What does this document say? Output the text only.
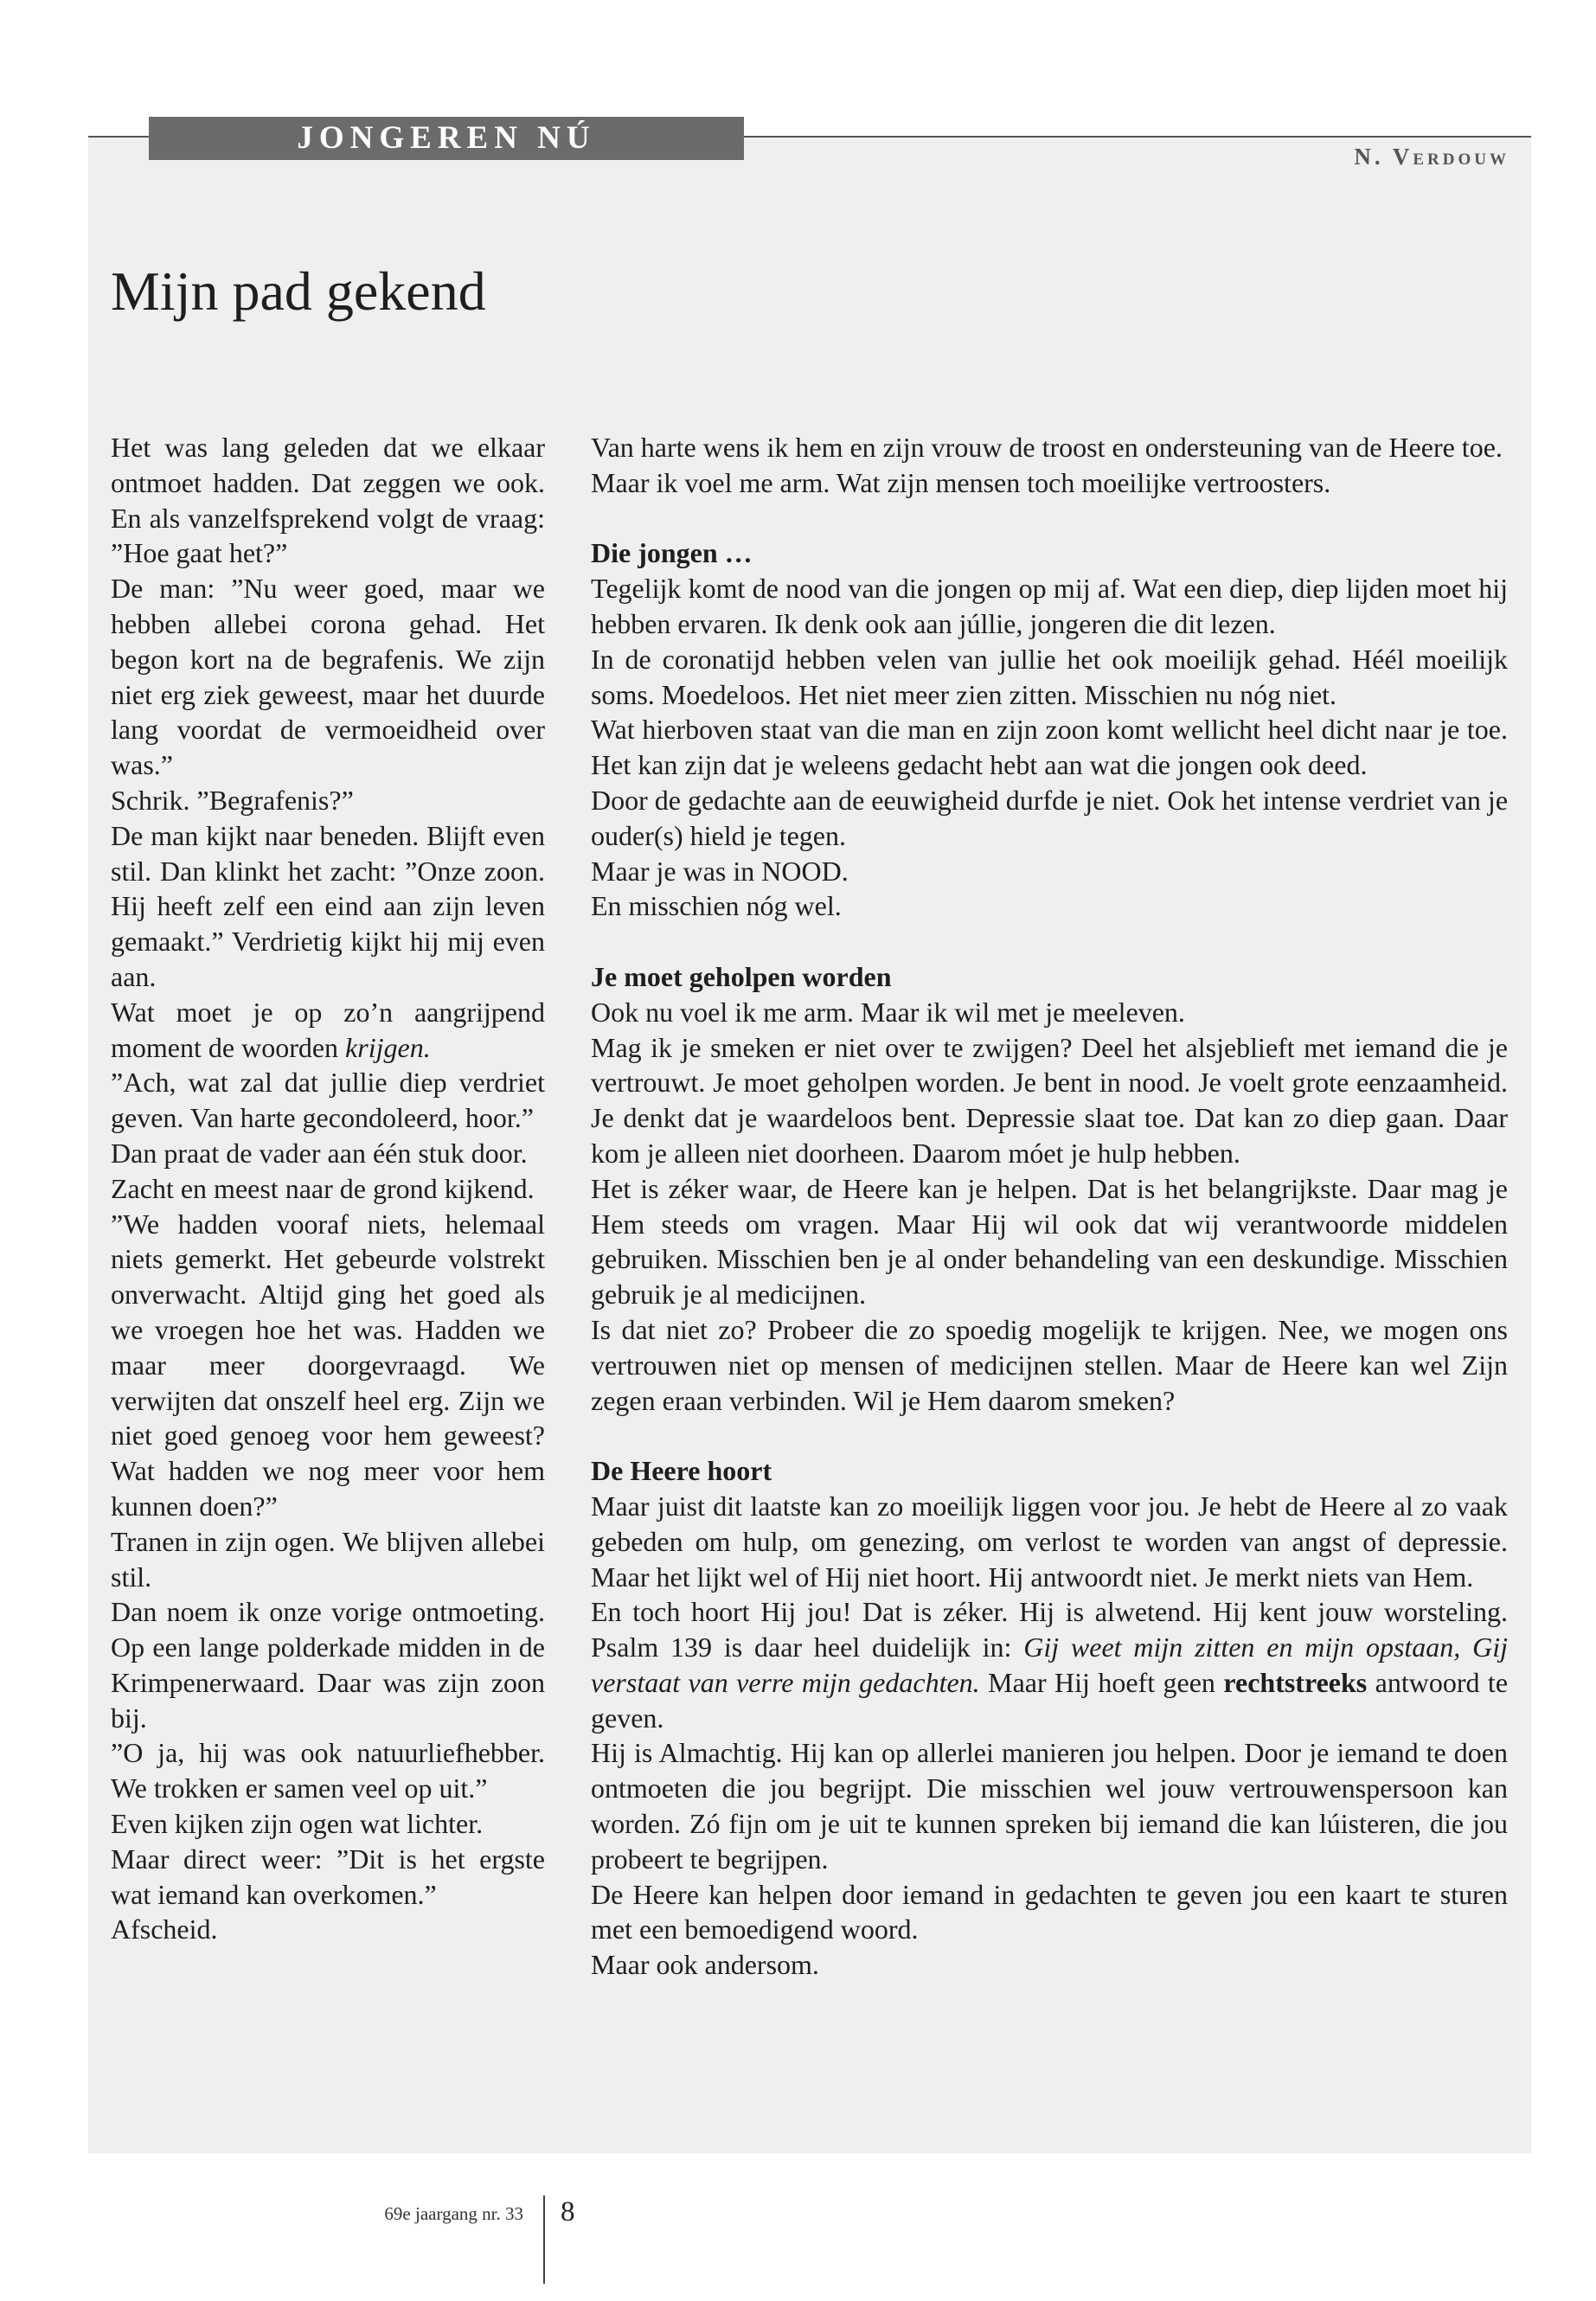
JONGEREN NÚ
N. Verdouw
Mijn pad gekend

Het was lang geleden dat we elkaar ontmoet hadden. Dat zeggen we ook. En als vanzelfsprekend volgt de vraag: ”Hoe gaat het?”

De man: ”Nu weer goed, maar we hebben allebei corona gehad. Het begon kort na de begrafenis. We zijn niet erg ziek geweest, maar het duurde lang voordat de vermoeidheid over was.”

Schrik. ”Begrafenis?”

De man kijkt naar beneden. Blijft even stil. Dan klinkt het zacht: ”Onze zoon. Hij heeft zelf een eind aan zijn leven gemaakt.” Verdrietig kijkt hij mij even aan.

Wat moet je op zo’n aangrijpend moment de woorden krijgen.

”Ach, wat zal dat jullie diep verdriet geven. Van harte gecondoleerd, hoor.”

Dan praat de vader aan één stuk door.

Zacht en meest naar de grond kijkend.

”We hadden vooraf niets, helemaal niets gemerkt. Het gebeurde volstrekt onverwacht. Altijd ging het goed als we vroegen hoe het was. Hadden we maar meer doorgevraagd. We verwijten dat onszelf heel erg. Zijn we niet goed genoeg voor hem geweest? Wat hadden we nog meer voor hem kunnen doen?”

Tranen in zijn ogen. We blijven allebei stil.

Dan noem ik onze vorige ontmoeting. Op een lange polderkade midden in de Krimpenerwaard. Daar was zijn zoon bij.

”O ja, hij was ook natuurliefhebber. We trokken er samen veel op uit.”

Even kijken zijn ogen wat lichter.

Maar direct weer: ”Dit is het ergste wat iemand kan overkomen.”

Afscheid.

Van harte wens ik hem en zijn vrouw de troost en ondersteuning van de Heere toe.

Maar ik voel me arm. Wat zijn mensen toch moeilijke vertroosters.

Die jongen …

Tegelijk komt de nood van die jongen op mij af. Wat een diep, diep lijden moet hij hebben ervaren. Ik denk ook aan júllie, jongeren die dit lezen.

In de coronatijd hebben velen van jullie het ook moeilijk gehad. Héél moeilijk soms. Moedeloos. Het niet meer zien zitten. Misschien nu nóg niet.

Wat hierboven staat van die man en zijn zoon komt wellicht heel dicht naar je toe. Het kan zijn dat je weleens gedacht hebt aan wat die jongen ook deed.

Door de gedachte aan de eeuwigheid durfde je niet. Ook het intense verdriet van je ouder(s) hield je tegen.

Maar je was in NOOD.

En misschien nóg wel.

Je moet geholpen worden

Ook nu voel ik me arm. Maar ik wil met je meeleven.

Mag ik je smeken er niet over te zwijgen? Deel het alsjeblieft met iemand die je vertrouwt. Je moet geholpen worden. Je bent in nood. Je voelt grote eenzaamheid. Je denkt dat je waardeloos bent. Depressie slaat toe. Dat kan zo diep gaan. Daar kom je alleen niet doorheen. Daarom móet je hulp hebben.

Het is zéker waar, de Heere kan je helpen. Dat is het belangrijkste. Daar mag je Hem steeds om vragen. Maar Hij wil ook dat wij verantwoorde middelen gebruiken. Misschien ben je al onder behandeling van een deskundige. Misschien gebruik je al medicijnen.

Is dat niet zo? Probeer die zo spoedig mogelijk te krijgen. Nee, we mogen ons vertrouwen niet op mensen of medicijnen stellen. Maar de Heere kan wel Zijn zegen eraan verbinden. Wil je Hem daarom smeken?

De Heere hoort

Maar juist dit laatste kan zo moeilijk liggen voor jou. Je hebt de Heere al zo vaak gebeden om hulp, om genezing, om verlost te worden van angst of depressie. Maar het lijkt wel of Hij niet hoort. Hij antwoordt niet. Je merkt niets van Hem.

En toch hoort Hij jou! Dat is zéker. Hij is alwetend. Hij kent jouw worsteling. Psalm 139 is daar heel duidelijk in: Gij weet mijn zitten en mijn opstaan, Gij verstaat van verre mijn gedachten. Maar Hij hoeft geen rechtstreeks antwoord te geven.

Hij is Almachtig. Hij kan op allerlei manieren jou helpen. Door je iemand te doen ontmoeten die jou begrijpt. Die misschien wel jouw vertrouwenspersoon kan worden. Zó fijn om je uit te kunnen spreken bij iemand die kan lúisteren, die jou probeert te begrijpen.

De Heere kan helpen door iemand in gedachten te geven jou een kaart te sturen met een bemoedigend woord.

Maar ook andersom.

69e jaargang nr. 33 8
